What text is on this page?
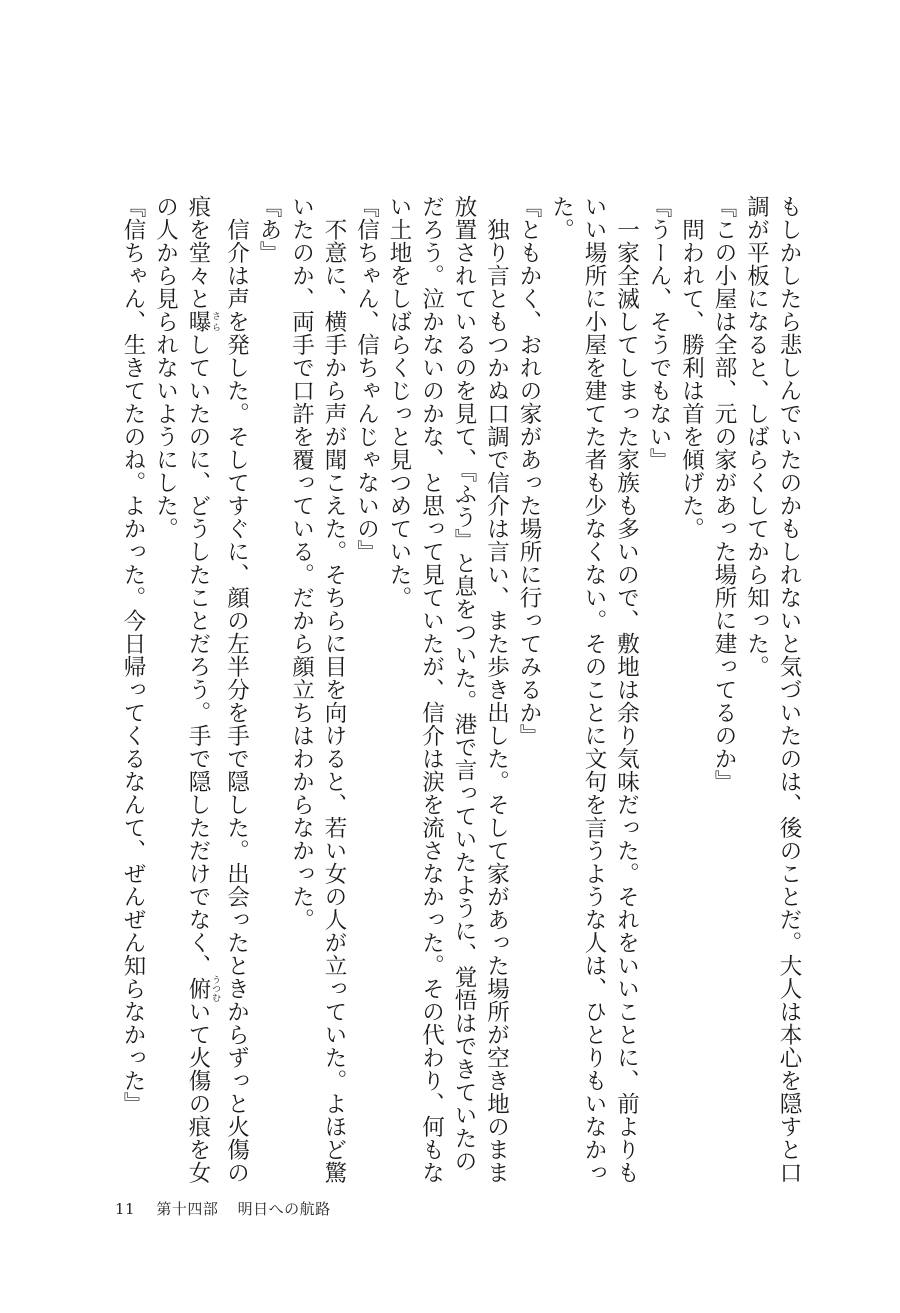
もしかしたら悲しんでいたのかもしれないと気づいたのは、後のことだ。大人は本心を隠すと口
調が平板になると、しばらくしてから知った。
『この小屋は全部、元の家があった場所に建ってるのか』
問われて、勝利は首を傾げた。
『うーん、そうでもない』
一家全滅してしまった家族も多いので、敷地は余り気味だった。それをいいことに、前よりも
いい場所に小屋を建てた者も少なくない。そのことに文句を言うような人は、ひとりもいなかっ
た。
『ともかく、おれの家があった場所に行ってみるか』
独り言ともつかぬ口調で信介は言い、また歩き出した。そして家があった場所が空き地のまま
放置されているのを見て、『ふう』と息をついた。港で言っていたように、覚悟はできていたの
だろう。泣かないのかな、と思って見ていたが、信介は涙を流さなかった。その代わり、何もな
い土地をしばらくじっと見つめていた。
『信ちゃん、信ちゃんじゃないの』
不意に、横手から声が聞こえた。そちらに目を向けると、若い女の人が立っていた。よほど驚
いたのか、両手で口許を覆っている。だから顔立ちはわからなかった。
『あ』
信介は声を発した。そしてすぐに、顔の左半分を手で隠した。出会ったときからずっと火傷の
痕を堂々と曝 さらしていたのに、どうしたことだろう。手で隠しただけでなく、俯 うつむいて火傷の痕を女
の人から見られないようにした。
『信ちゃん、生きてたのね。よかった。今日帰ってくるなんて、ぜんぜん知らなかった』
11 第十四部 明日への航路
